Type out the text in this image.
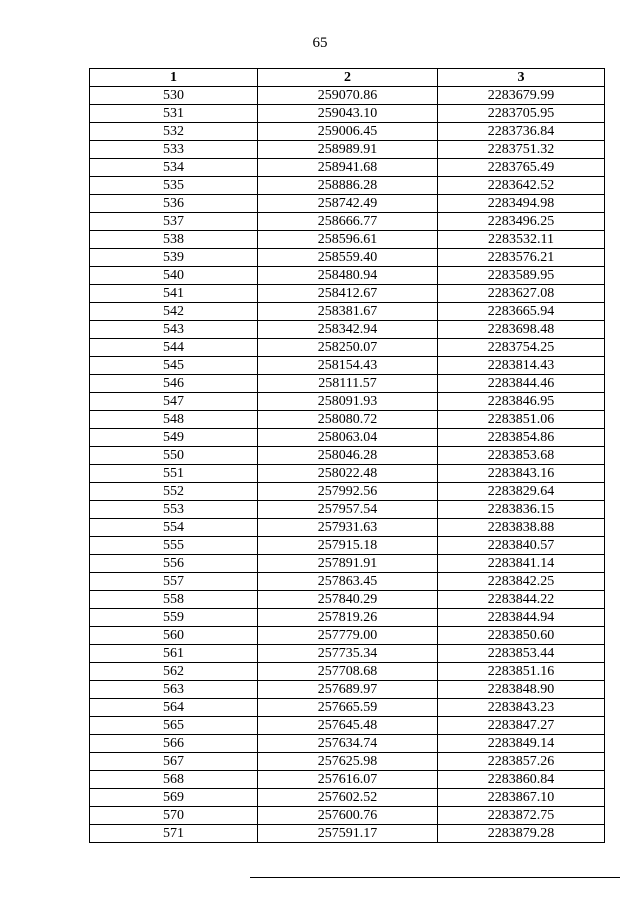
65
1	2	3
530	259070.86	2283679.99
531	259043.10	2283705.95
532	259006.45	2283736.84
533	258989.91	2283751.32
534	258941.68	2283765.49
535	258886.28	2283642.52
536	258742.49	2283494.98
537	258666.77	2283496.25
538	258596.61	2283532.11
539	258559.40	2283576.21
540	258480.94	2283589.95
541	258412.67	2283627.08
542	258381.67	2283665.94
543	258342.94	2283698.48
544	258250.07	2283754.25
545	258154.43	2283814.43
546	258111.57	2283844.46
547	258091.93	2283846.95
548	258080.72	2283851.06
549	258063.04	2283854.86
550	258046.28	2283853.68
551	258022.48	2283843.16
552	257992.56	2283829.64
553	257957.54	2283836.15
554	257931.63	2283838.88
555	257915.18	2283840.57
556	257891.91	2283841.14
557	257863.45	2283842.25
558	257840.29	2283844.22
559	257819.26	2283844.94
560	257779.00	2283850.60
561	257735.34	2283853.44
562	257708.68	2283851.16
563	257689.97	2283848.90
564	257665.59	2283843.23
565	257645.48	2283847.27
566	257634.74	2283849.14
567	257625.98	2283857.26
568	257616.07	2283860.84
569	257602.52	2283867.10
570	257600.76	2283872.75
571	257591.17	2283879.28
